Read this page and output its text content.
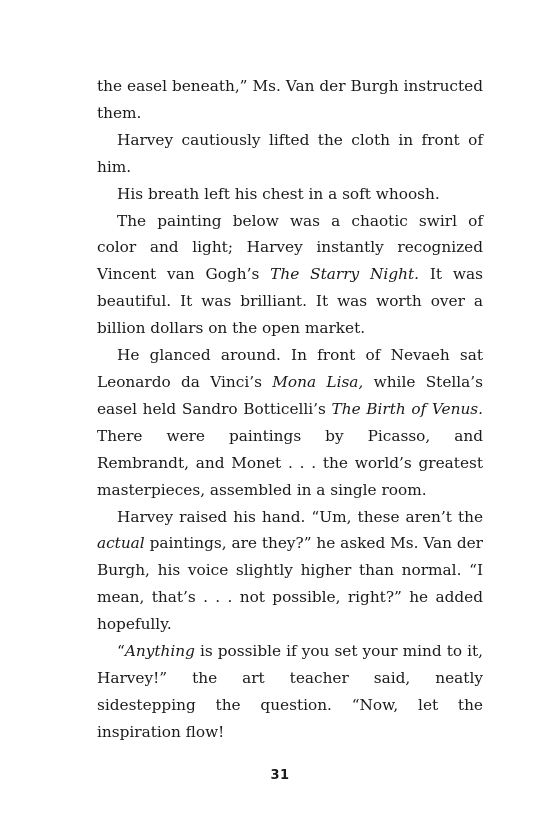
the easel beneath,” Ms. Van der Burgh instructed them.

Harvey cautiously lifted the cloth in front of him.

His breath left his chest in a soft whoosh.

The painting below was a chaotic swirl of color and light; Harvey instantly recognized Vincent van Gogh’s The Starry Night. It was beautiful. It was brilliant. It was worth over a billion dollars on the open market.

He glanced around. In front of Nevaeh sat Leonardo da Vinci’s Mona Lisa, while Stella’s easel held Sandro Botticelli’s The Birth of Venus. There were paintings by Picasso, and Rembrandt, and Monet . . . the world’s greatest masterpieces, assembled in a single room.

Harvey raised his hand. “Um, these aren’t the actual paintings, are they?” he asked Ms. Van der Burgh, his voice slightly higher than normal. “I mean, that’s . . . not possible, right?” he added hopefully.

“Anything is possible if you set your mind to it, Harvey!” the art teacher said, neatly sidestepping the question. “Now, let the inspiration flow!

31
